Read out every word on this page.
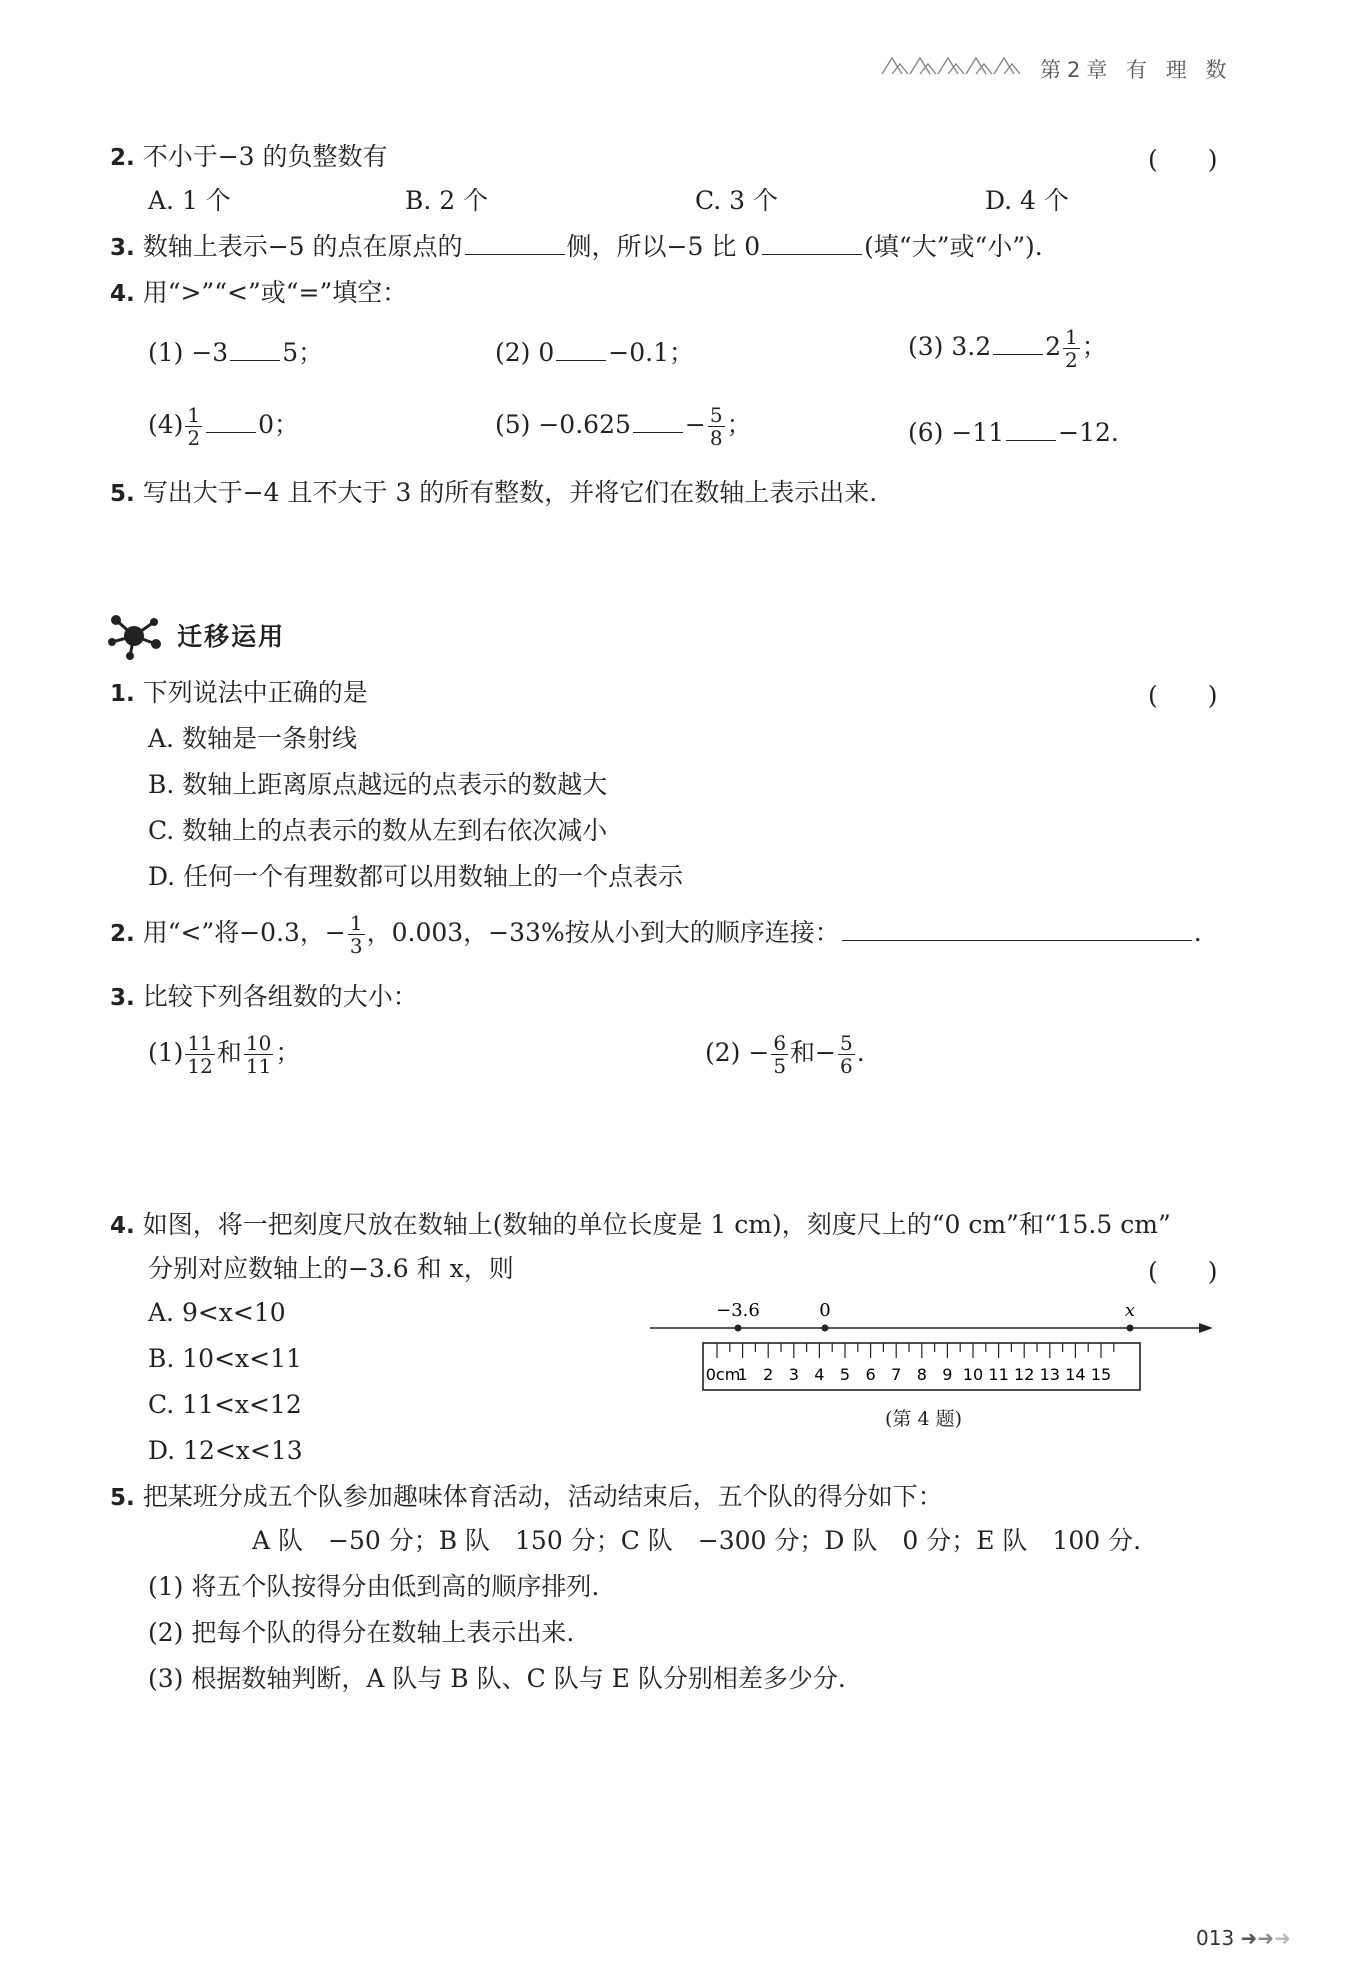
第2章 有 理 数
2. 不小于−3 的负整数有	(　　)
A. 1 个	B. 2 个	C. 3 个	D. 4 个
3. 数轴上表示−5 的点在原点的	侧，所以−5 比 0	(填“大”或“小”).
4. 用“>”“<”或“=”填空：
(1) −3 5；	(2) 0 −0.1；	(3) 3.2 $2 \frac{1}{2}$ ；
$(4) \frac{1}{2} 0$；	$(5) -0.625 - \frac{5}{8}$ ；	(6) −11 −12.
5. 写出大于−4 且不大于 3 的所有整数，并将它们在数轴上表示出来.
迁移运用
1. 下列说法中正确的是	(　　)
A. 数轴是一条射线
B. 数轴上距离原点越远的点表示的数越大
C. 数轴上的点表示的数从左到右依次减小
D. 任何一个有理数都可以用数轴上的一个点表示
2. 用“<”将−0.3，− $\frac{1}{3}$ ，0.003，−33%按从小到大的顺序连接：	.
3. 比较下列各组数的大小：
$(1) \frac{11}{12}$ 和 $\frac{10}{11}$ ；	$(2) - \frac{6}{5}$ 和− $\frac{5}{6}$ .
4. 如图，将一把刻度尺放在数轴上(数轴的单位长度是 1 cm)，刻度尺上的“0 cm”和“15.5 cm”
分别对应数轴上的−3.6 和 x，则	(　　)
A. 9<x<10
B. 10<x<11
C. 11<x<12
D. 12<x<13
−3.6	0	x
0cm
1 2 3 4 5 6 7 8 9 10 11 12 13 14 15
(第 4 题)
5. 把某班分成五个队参加趣味体育活动，活动结束后，五个队的得分如下：
A 队　−50 分；B 队　150 分；C 队　−300 分；D 队　0 分；E 队　100 分.
(1) 将五个队按得分由低到高的顺序排列.
(2) 把每个队的得分在数轴上表示出来.
(3) 根据数轴判断，A 队与 B 队、C 队与 E 队分别相差多少分.
013 ➜➜➜
